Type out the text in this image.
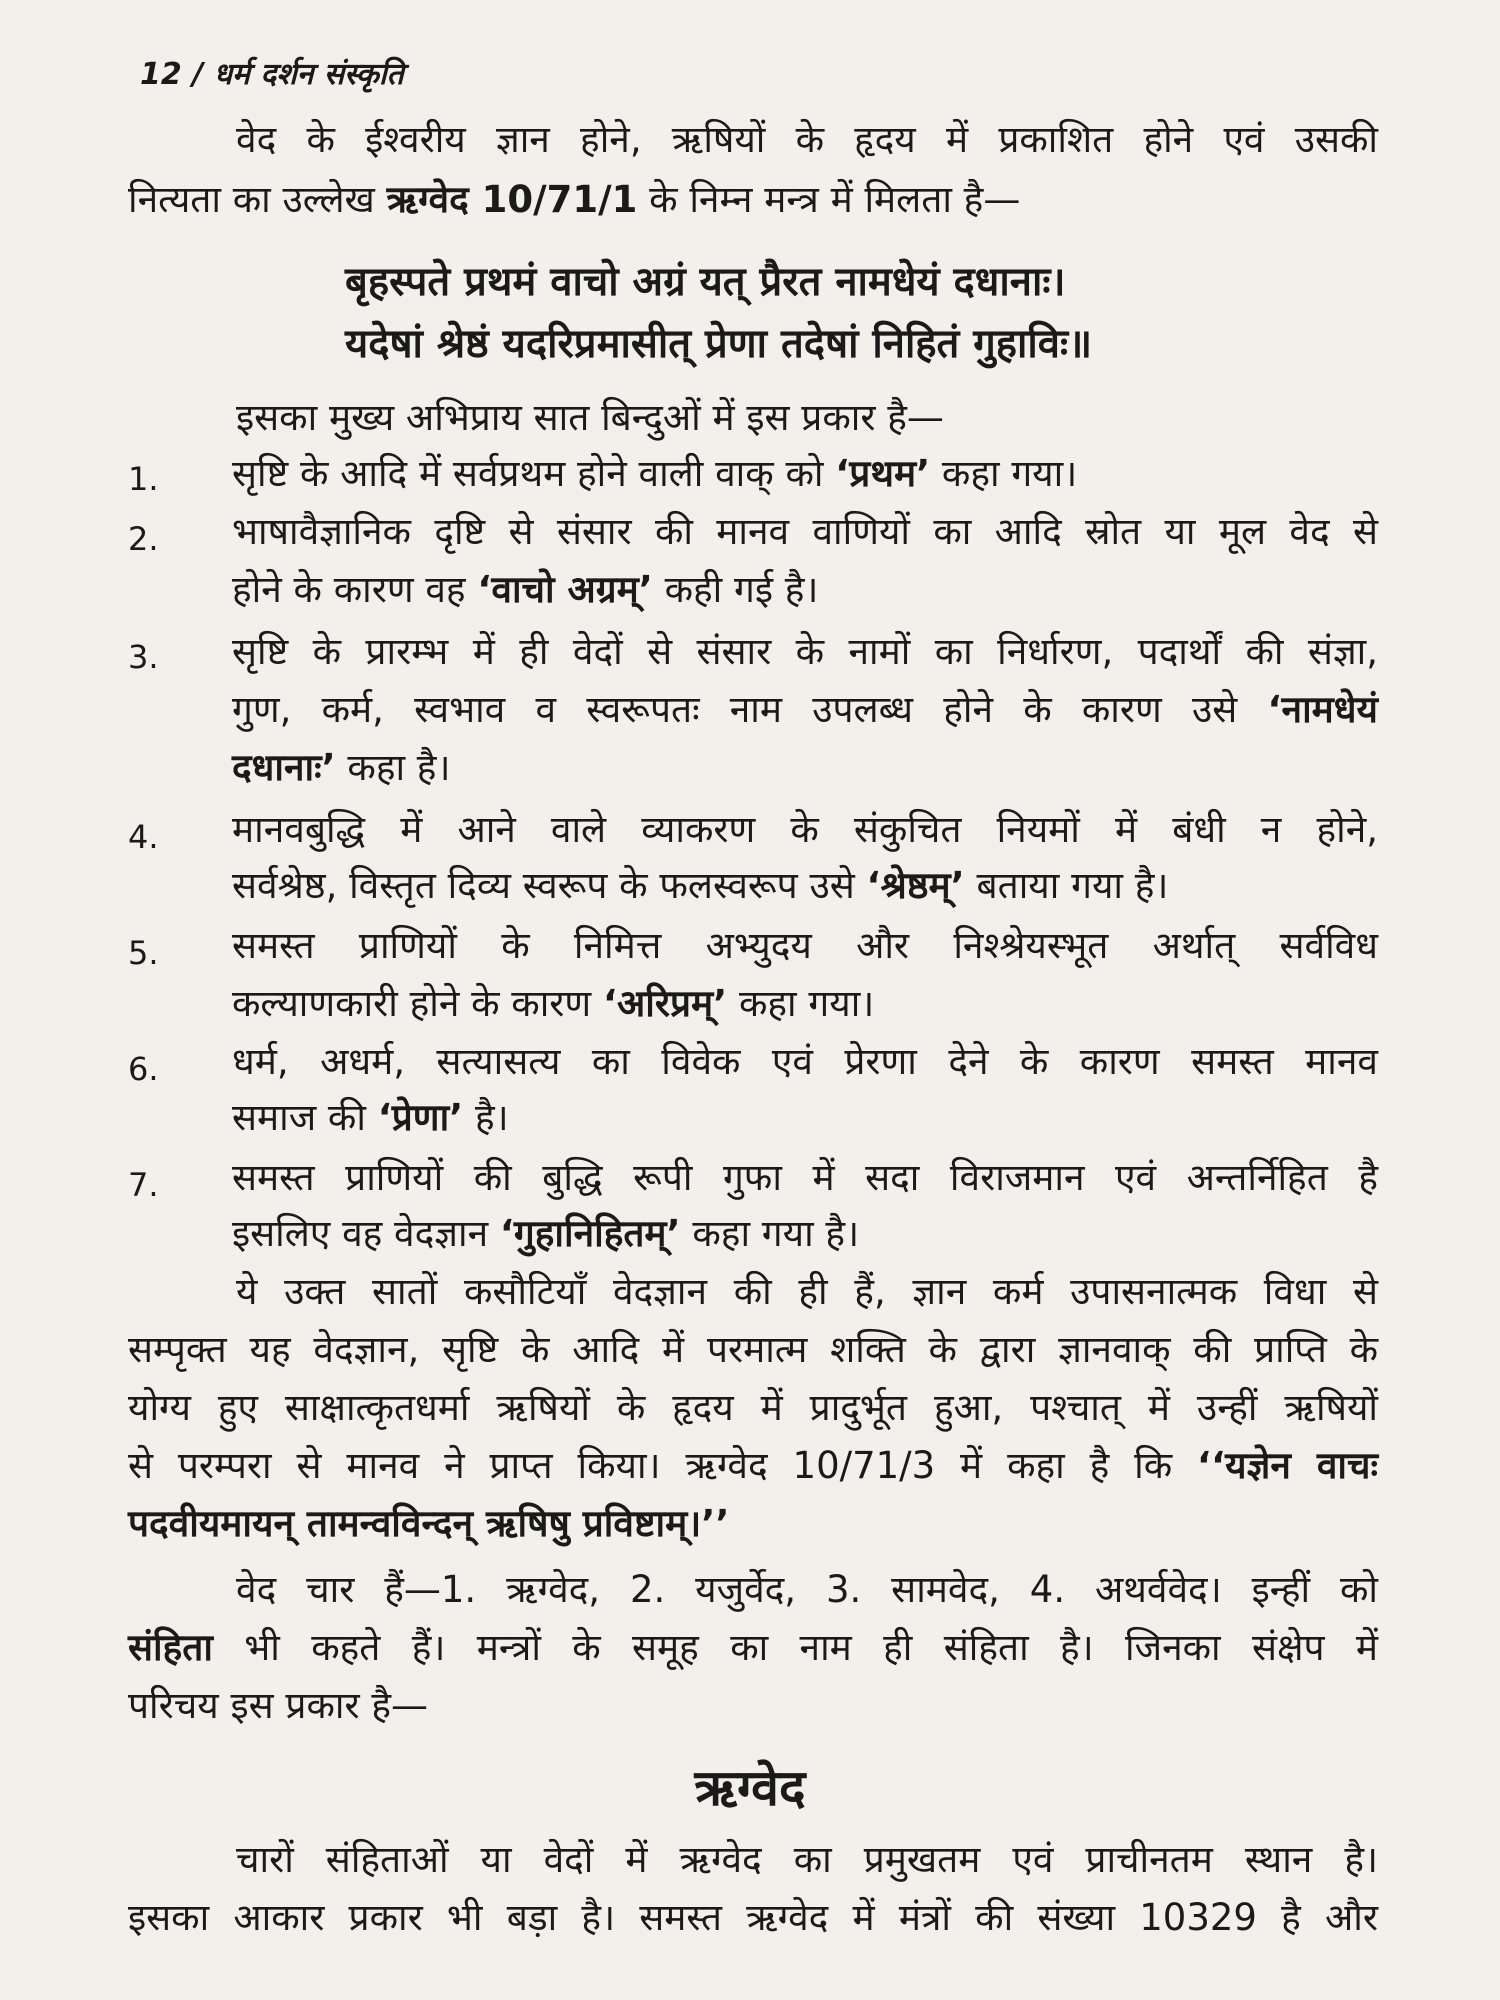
12 / धर्म दर्शन संस्कृति
वेद के ईश्वरीय ज्ञान होने, ऋषियों के हृदय में प्रकाशित होने एवं उसकी
नित्यता का उल्लेख ऋग्वेद 10/71/1 के निम्न मन्त्र में मिलता है—
बृहस्पते प्रथमं वाचो अग्रं यत् प्रैरत नामधेयं दधानाः।
यदेषां श्रेष्ठं यदरिप्रमासीत् प्रेणा तदेषां निहितं गुहाविः॥
इसका मुख्य अभिप्राय सात बिन्दुओं में इस प्रकार है—
1. सृष्टि के आदि में सर्वप्रथम होने वाली वाक् को ‘प्रथम’ कहा गया।
2. भाषावैज्ञानिक दृष्टि से संसार की मानव वाणियों का आदि स्रोत या मूल वेद से
होने के कारण वह ‘वाचो अग्रम्’ कही गई है।
3. सृष्टि के प्रारम्भ में ही वेदों से संसार के नामों का निर्धारण, पदार्थों की संज्ञा,
गुण, कर्म, स्वभाव व स्वरूपतः नाम उपलब्ध होने के कारण उसे ‘नामधेयं
दधानाः’ कहा है।
4. मानवबुद्धि में आने वाले व्याकरण के संकुचित नियमों में बंधी न होने,
सर्वश्रेष्ठ, विस्तृत दिव्य स्वरूप के फलस्वरूप उसे ‘श्रेष्ठम्’ बताया गया है।
5. समस्त प्राणियों के निमित्त अभ्युदय और निश्श्रेयस्भूत अर्थात् सर्वविध
कल्याणकारी होने के कारण ‘अरिप्रम्’ कहा गया।
6. धर्म, अधर्म, सत्यासत्य का विवेक एवं प्रेरणा देने के कारण समस्त मानव
समाज की ‘प्रेणा’ है।
7. समस्त प्राणियों की बुद्धि रूपी गुफा में सदा विराजमान एवं अन्तर्निहित है
इसलिए वह वेदज्ञान ‘गुहानिहितम्’ कहा गया है।
ये उक्त सातों कसौटियाँ वेदज्ञान की ही हैं, ज्ञान कर्म उपासनात्मक विधा से
सम्पृक्त यह वेदज्ञान, सृष्टि के आदि में परमात्म शक्ति के द्वारा ज्ञानवाक् की प्राप्ति के
योग्य हुए साक्षात्कृतधर्मा ऋषियों के हृदय में प्रादुर्भूत हुआ, पश्चात् में उन्हीं ऋषियों
से परम्परा से मानव ने प्राप्त किया। ऋग्वेद 10/71/3 में कहा है कि ‘‘यज्ञेन वाचः
पदवीयमायन् तामन्वविन्दन् ऋषिषु प्रविष्टाम्।’’
वेद चार हैं—1. ऋग्वेद, 2. यजुर्वेद, 3. सामवेद, 4. अथर्ववेद। इन्हीं को
संहिता भी कहते हैं। मन्त्रों के समूह का नाम ही संहिता है। जिनका संक्षेप में
परिचय इस प्रकार है—
ऋग्वेद
चारों संहिताओं या वेदों में ऋग्वेद का प्रमुखतम एवं प्राचीनतम स्थान है।
इसका आकार प्रकार भी बड़ा है। समस्त ऋग्वेद में मंत्रों की संख्या 10329 है और
